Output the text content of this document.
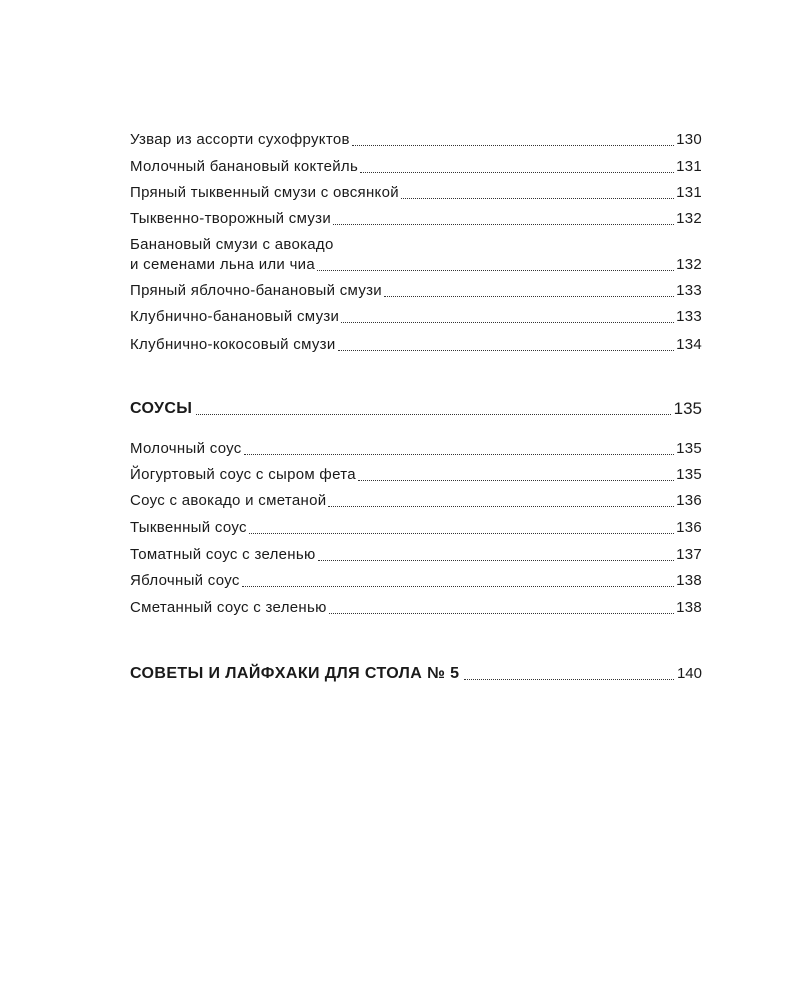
Узвар из ассорти сухофруктов	130
Молочный банановый коктейль	131
Пряный тыквенный смузи с овсянкой	131
Тыквенно-творожный смузи	132
Банановый смузи с авокадо
и семенами льна или чиа	132
Пряный яблочно-банановый смузи	133
Клубнично-банановый смузи	133
Клубнично-кокосовый смузи	134
СОУСЫ	135
Молочный соус	135
Йогуртовый соус с сыром фета	135
Соус с авокадо и сметаной	136
Тыквенный соус	136
Томатный соус с зеленью	137
Яблочный соус	138
Сметанный соус с зеленью	138
СОВЕТЫ И ЛАЙФХАКИ ДЛЯ СТОЛА № 5	140
